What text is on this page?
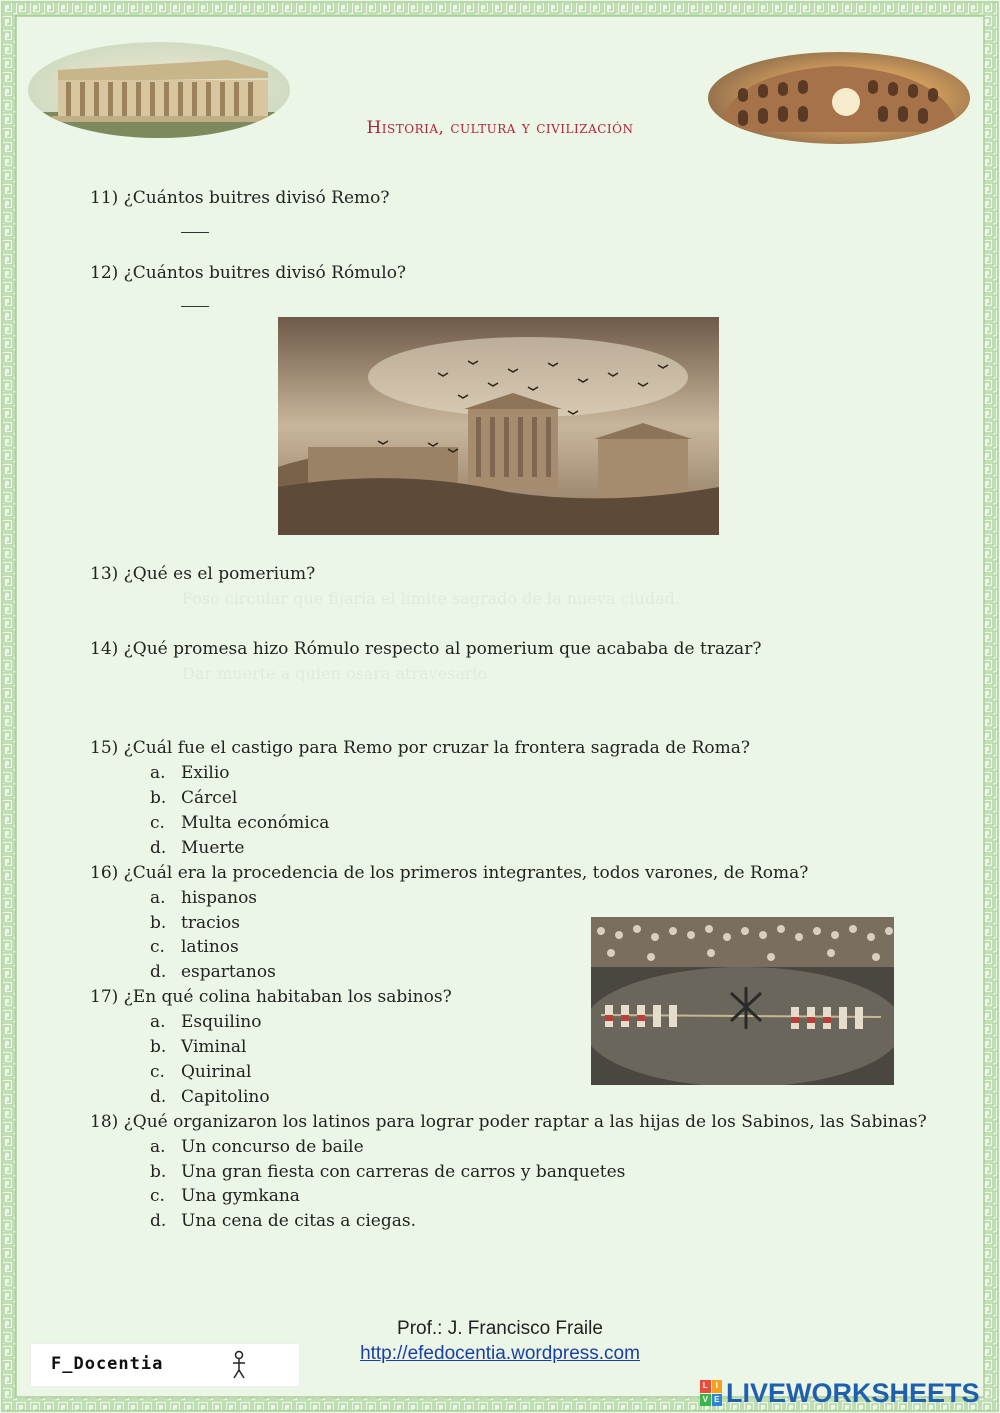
Historia, cultura y civilización
11) ¿Cuántos buitres divisó Remo?
12) ¿Cuántos buitres divisó Rómulo?
13) ¿Qué es el pomerium?
Foso circular que fijaría el límite sagrado de la nueva ciudad.
14) ¿Qué promesa hizo Rómulo respecto al pomerium que acababa de trazar?
Dar muerte a quien osara atravesarlo
15) ¿Cuál fue el castigo para Remo por cruzar la frontera sagrada de Roma?
a. Exilio
b. Cárcel
c. Multa económica
d. Muerte
16) ¿Cuál era la procedencia de los primeros integrantes, todos varones, de Roma?
a. hispanos
b. tracios
c. latinos
d. espartanos
17) ¿En qué colina habitaban los sabinos?
a. Esquilino
b. Viminal
c. Quirinal
d. Capitolino
18) ¿Qué organizaron los latinos para lograr poder raptar a las hijas de los Sabinos, las Sabinas?
a. Un concurso de baile
b. Una gran fiesta con carreras de carros y banquetes
c. Una gymkana
d. Una cena de citas a ciegas.
Prof.: J. Francisco Fraile
http://efedocentia.wordpress.com
F_Docentia
L I
V E LIVEWORKSHEETS
